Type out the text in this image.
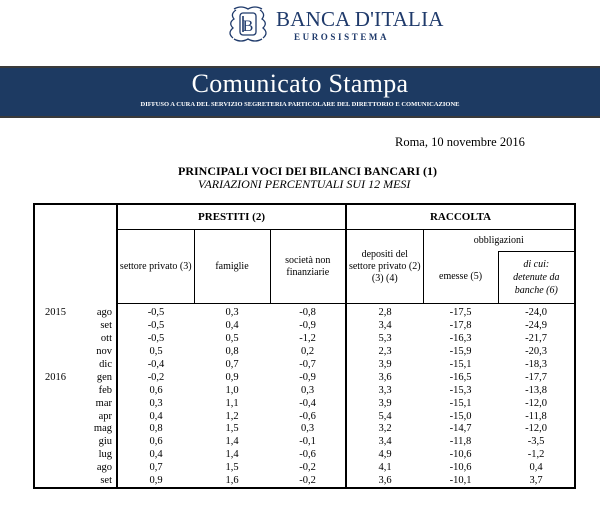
B BANCA D'ITALIA
EUROSISTEMA
Comunicato Stampa
DIFFUSO A CURA DEL SERVIZIO SEGRETERIA PARTICOLARE DEL DIRETTORIO E COMUNICAZIONE
Roma, 10 novembre 2016
PRINCIPALI VOCI DEI BILANCI BANCARI (1)
VARIAZIONI PERCENTUALI SUI 12 MESI
		PRESTITI (2)			RACCOLTA		
		settore privato (3)	famiglie	società non finanziarie	depositi del settore privato (2) (3) (4)	obbligazioni	
						emesse (5)	di cui:
detenute da
banche (6)

2015	ago	-0,5	0,3	-0,8	2,8	-17,5	-24,0
	set	-0,5	0,4	-0,9	3,4	-17,8	-24,9
	ott	-0,5	0,5	-1,2	5,3	-16,3	-21,7
	nov	0,5	0,8	0,2	2,3	-15,9	-20,3
	dic	-0,4	0,7	-0,7	3,9	-15,1	-18,3
2016	gen	-0,2	0,9	-0,9	3,6	-16,5	-17,7
	feb	0,6	1,0	0,3	3,3	-15,3	-13,8
	mar	0,3	1,1	-0,4	3,9	-15,1	-12,0
	apr	0,4	1,2	-0,6	5,4	-15,0	-11,8
	mag	0,8	1,5	0,3	3,2	-14,7	-12,0
	giu	0,6	1,4	-0,1	3,4	-11,8	-3,5
	lug	0,4	1,4	-0,6	4,9	-10,6	-1,2
	ago	0,7	1,5	-0,2	4,1	-10,6	0,4
	set	0,9	1,6	-0,2	3,6	-10,1	3,7
